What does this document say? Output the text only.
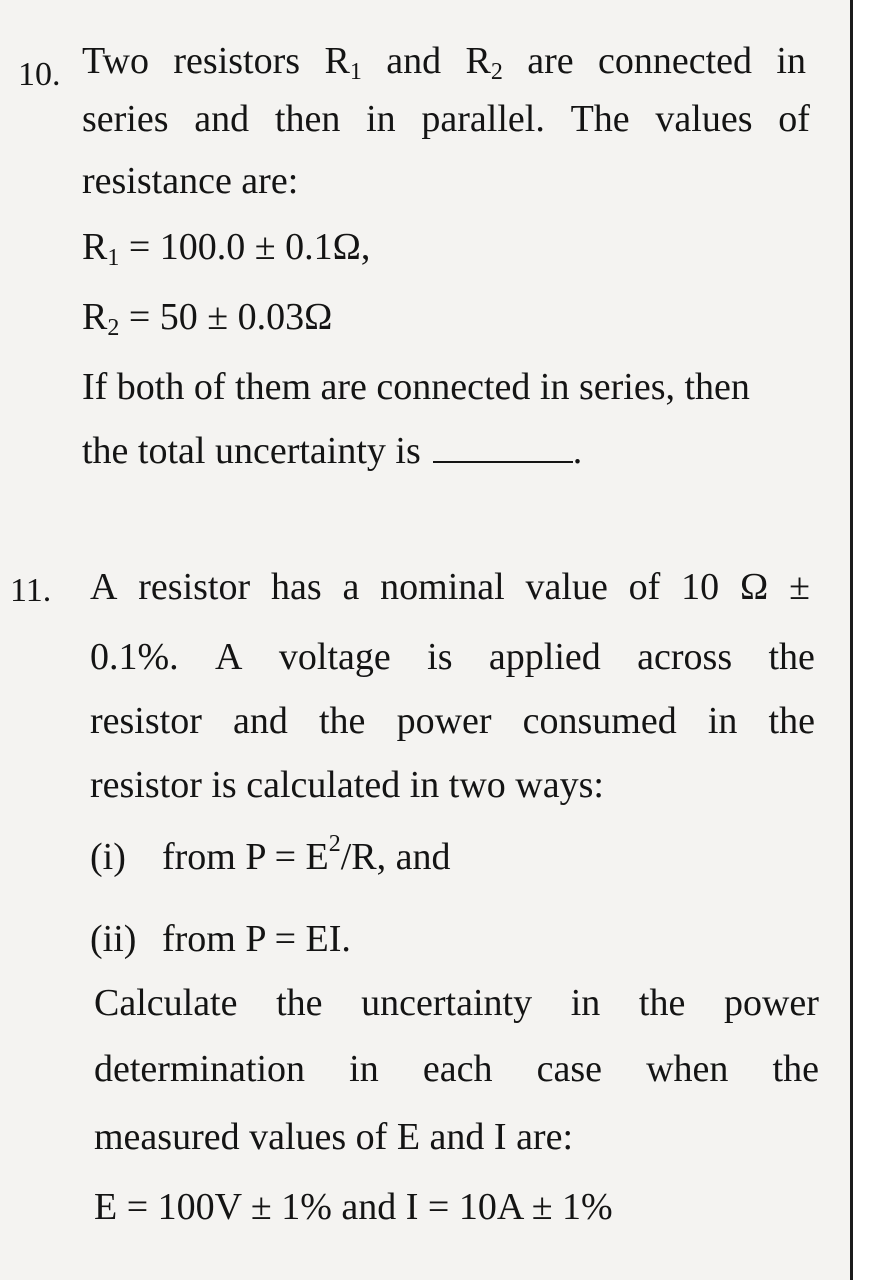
10. Two resistors $R_1$ and $R_2$ are connected in
series and then in parallel. The values of
resistance are:
$R_1 = 100.0 \pm 0.1\Omega$,
$R_2 = 50 \pm 0.03\Omega$
If both of them are connected in series, then
the total uncertainty is	.
11. A resistor has a nominal value of 10 Ω ±
0.1%. A voltage is applied across the
resistor and the power consumed in the
resistor is calculated in two ways:
(i) from $P = E^2/R$, and
(ii) from P = EI.
Calculate the uncertainty in the power
determination in each case when the
measured values of E and I are:
E = 100V ± 1% and I = 10A ± 1%
